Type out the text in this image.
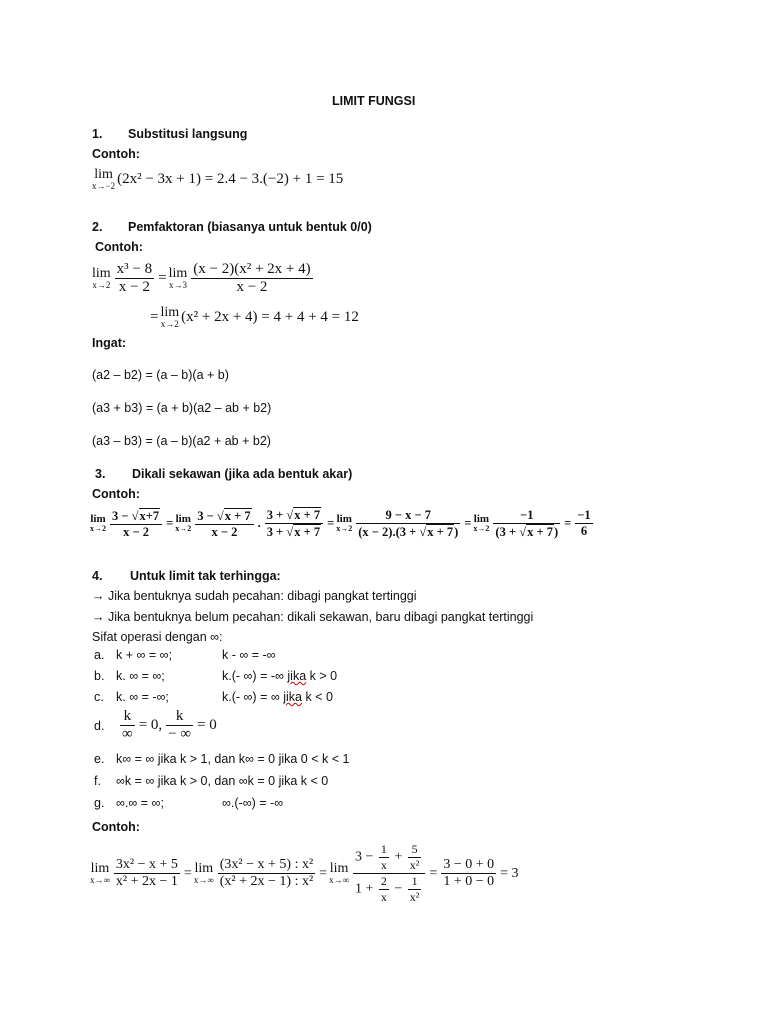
LIMIT FUNGSI
1. Substitusi langsung
Contoh:
lim
x→−2 (2x² − 3x + 1) = 2.4 − 3.(−2) + 1 = 15
2. Pemfaktoran (biasanya untuk bentuk 0/0)
Contoh:
lim
$x\to 2 \frac{\text{x³ − 8}}{x - 2} = \lim$
$x\to 3 \frac{\text{(x − 2)(x² + 2x + 4)}}{x - 2}$
= lim
x→2 (x² + 2x + 4) = 4 + 4 + 4 = 12
Ingat:
(a2 – b2) = (a – b)(a + b)
(a3 + b3) = (a + b)(a2 – ab + b2)
(a3 – b3) = (a – b)(a2 + ab + b2)
3. Dikali sekawan (jika ada bentuk akar)
Contoh:
lim
$x\to 2 \frac{3 - √x+7}{x - 2} = \lim$
$x\to 2 \frac{3 - √x + 7}{x - 2}$ . $\frac{3 + √x + 7}{3 + √x + 7} = \lim$
$x\to 2 \frac{9 - x - 7}{(x - 2).(3 + √x + 7)} = \lim$
$x\to 2 \frac{-1}{(3 + √x + 7)} = \frac{-1}{6}$
4. Untuk limit tak terhingga:
→ Jika bentuknya sudah pecahan: dibagi pangkat tertinggi
→ Jika bentuknya belum pecahan: dikali sekawan, baru dibagi pangkat tertinggi
Sifat operasi dengan ∞:
a. k + ∞ = ∞;	k - ∞ = -∞
b. k. ∞ = ∞;	k.(- ∞) = -∞ jika k > 0
c. k. ∞ = -∞;	k.(- ∞) = ∞ jika k < 0
d.	$\frac{k}{\infty} = 0$, $\frac{k}{- \infty} = 0$
e. k∞ = ∞ jika k > 1, dan k∞ = 0 jika 0 < k < 1
f. ∞k = ∞ jika k > 0, dan ∞k = 0 jika k < 0
g. ∞.∞ = ∞;	∞.(-∞) = -∞
Contoh:
lim
$x\to\infty \frac{\text{3x² − x + 5}}{\text{x² + 2x − 1}} = \lim$
$x\to\infty \frac{\text{(3x² − x + 5) : x²}}{\text{(x² + 2x − 1) : x²}} = \lim$
$x\to\infty \frac{3 - \frac{1}{x} + \frac{5}{\text{x²}}}{1 + \frac{2}{x} - \frac{1}{\text{x²}}} = \frac{3 - 0 + 0}{1 + 0 - 0} = 3$
